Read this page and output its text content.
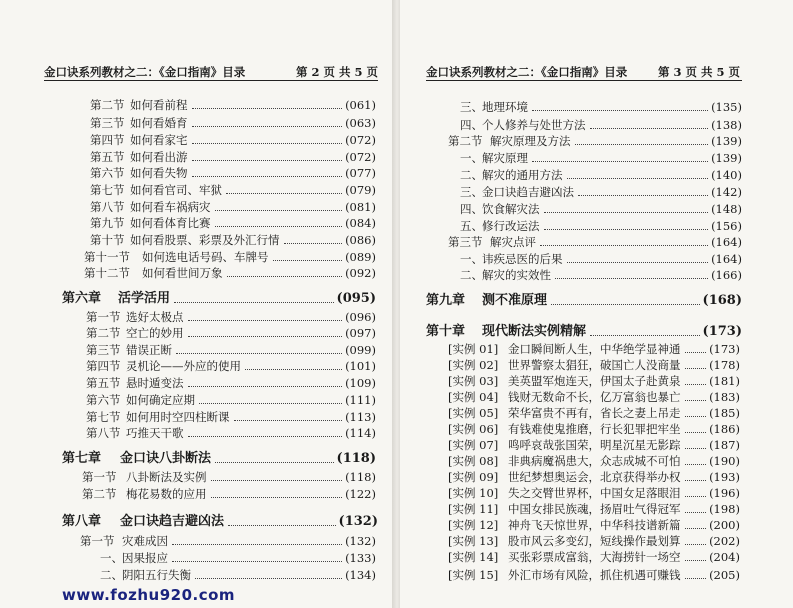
金口诀系列教材之二：《金口指南》目录	第 2 页 共 5 页
第二节 如何看前程	(061)
第三节 如何看婚育	(063)
第四节 如何看家宅	(072)
第五节 如何看出游	(072)
第六节 如何看失物	(077)
第七节 如何看官司、牢狱	(079)
第八节 如何看车祸病灾	(081)
第九节 如何看体育比赛	(084)
第十节 如何看股票、彩票及外汇行情	(086)
第十一节 如何选电话号码、车牌号	(089)
第十二节 如何看世间万象	(092)
第六章 活学活用	(095)
第一节 选好太极点	(096)
第二节 空亡的妙用	(097)
第三节 错误正断	(099)
第四节 灵机论——外应的使用	(101)
第五节 悬时遁变法	(109)
第六节 如何确定应期	(111)
第七节 如何用时空四柱断课	(113)
第八节 巧推天干歌	(114)
第七章 金口诀八卦断法	(118)
第一节 八卦断法及实例	(118)
第二节 梅花易数的应用	(122)
第八章 金口诀趋吉避凶法	(132)
第一节 灾难成因	(132)
一、 因果报应	(133)
二、 阴阳五行失衡	(134)
金口诀系列教材之二：《金口指南》目录	第 3 页 共 5 页
三、 地理环境	(135)
四、 个人修养与处世方法	(138)
第二节 解灾原理及方法	(139)
一、 解灾原理	(139)
二、 解灾的通用方法	(140)
三、 金口诀趋吉避凶法	(142)
四、 饮食解灾法	(148)
五、 修行改运法	(156)
第三节 解灾点评	(164)
一、 讳疾忌医的后果	(164)
二、 解灾的实效性	(166)
第九章 测不准原理	(168)
第十章 现代断法实例精解	(173)
[实例 01] 金口瞬间断人生，中华绝学显神通 (173)
[实例 02] 世界警察太猖狂，破国亡人没商量 (178)
[实例 03] 美英盟军炮连天，伊国太子赴黄泉 (181)
[实例 04] 钱财无数命不长，亿万富翁也暴亡 (183)
[实例 05] 荣华富贵不再有，省长之妻上吊走 (185)
[实例 06] 有钱难使鬼推磨，行长犯罪把牢坐 (186)
[实例 07] 鸣呼哀哉张国荣，明星沉星无影踪 (187)
[实例 08] 非典病魔祸患大，众志成城不可怕 (190)
[实例 09] 世纪梦想奥运会，北京获得举办权 (193)
[实例 10] 失之交臂世界杯，中国女足落眼泪 (196)
[实例 11] 中国女排民族魂，扬眉吐气得冠军 (198)
[实例 12] 神舟飞天惊世界，中华科技谱新篇 (200)
[实例 13] 股市风云多变幻，短线操作最划算 (202)
[实例 14] 买张彩票成富翁，大海捞针一场空 (204)
[实例 15] 外汇市场有风险，抓住机遇可赚钱 (205)
www.fozhu920.com
